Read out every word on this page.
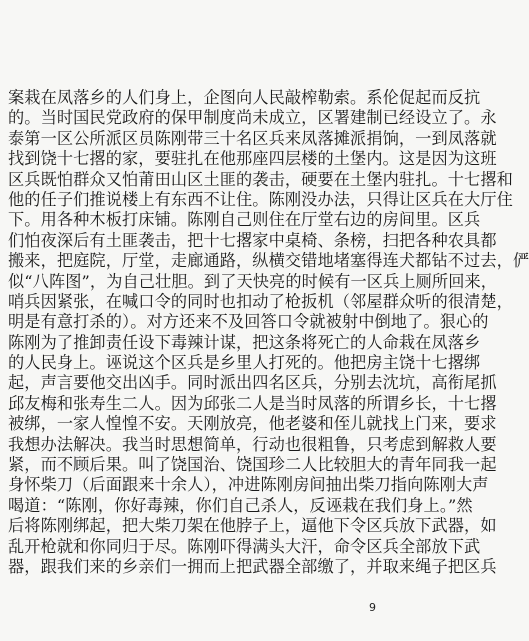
案栽在凤落乡的人们身上，企图向人民敲榨勒索。系伦促起而反抗
的。当时国民党政府的保甲制度尚未成立，区署建制已经设立了。永
泰第一区公所派区员陈刚带三十名区兵来凤落摊派捐饷，一到凤落就
找到饶十七撂的家，要驻扎在他那座四层楼的土堡内。这是因为这班
区兵既怕群众又怕莆田山区土匪的袭击，硬要在土堡内驻扎。十七撂和
他的任子们推说楼上有东西不让住。陈刚没办法，只得让区兵在大厅住
下。用各种木板打床铺。陈刚自己则住在厅堂右边的房间里。区兵
们怕夜深后有土匪袭击，把十七撂家中桌椅、条榜，扫把各种农具都
搬来，把庭院，厅堂，走廊通路，纵横交错地堵塞得连犬都钻不过去，俨
似“八阵图”，为自己壮胆。到了天快亮的时候有一区兵上厕所回来，
哨兵因紧张，在喊口令的同时也扣动了枪扳机（邻屋群众听的很清楚，
明是有意打杀的）。对方还来不及回答口令就被射中倒地了。狠心的
陈刚为了推卸责任设下毒辣计谋，把这条将死亡的人命栽在凤落乡
的人民身上。诬说这个区兵是乡里人打死的。他把房主饶十七撂绑
起，声言要他交出凶手。同时派出四名区兵，分别去沈坑，高衔尾抓
邱友梅和张寿生二人。因为邱张二人是当时凤落的所谓乡长，十七撂
被绑，一家人惶惶不安。天刚放亮，他老婆和侄儿就找上门来，要求
我想办法解决。我当时思想简单，行动也很粗鲁，只考虑到解救人要
紧，而不顾后果。叫了饶国治、饶国珍二人比较胆大的青年同我一起
身怀柴刀（后面跟来十余人），冲进陈刚房间抽出柴刀指向陈刚大声
喝道：“陈刚，你好毒辣，你们自己杀人，反诬栽在我们身上。”然
后将陈刚绑起，把大柴刀架在他脖子上，逼他下令区兵放下武器，如
乱开枪就和你同归于尽。陈刚吓得满头大汗，命令区兵全部放下武
器，跟我们来的乡亲们一拥而上把武器全部缴了，并取来绳子把区兵
9
